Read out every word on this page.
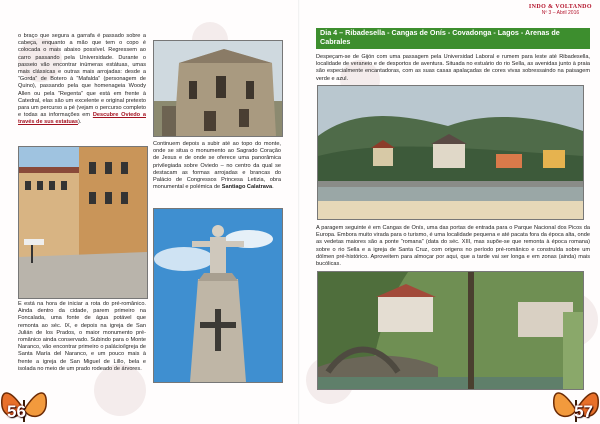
o braço que segura a garrafa é passado sobre a cabeça, enquanto a mão que tem o copo é colocada o mais abaixo possível. Regressem ao carro passando pela Universidade. Durante o passeio vão encontrar inúmeras estátuas, umas mais clássicas e outras mais arrojadas: desde a “Gorda” de Botero à “Mafalda” (personagem de Quino), passando pela que homenageia Woody Allen ou pela “Regenta” que está em frente à Catedral, elas são um excelente e original pretexto para um percurso a pé (vejam o percurso completo e todas as informações em Descubre Oviedo a través de sus estatuas).

E está na hora de iniciar a rota do pré-românico. Ainda dentro da cidade, parem primeiro na Foncalada, uma fonte de água potável que remonta ao séc. IX, e depois na igreja de San Julián de los Prados, o maior monumento pré-românico ainda conservado. Subindo para o Monte Naranco, vão encontrar primeiro o palácio/igreja de Santa María del Naranco, e um pouco mais à frente a igreja de San Miguel de Lillo, bela e isolada no meio de um prado rodeado de árvores.

Continuem depois a subir até ao topo do monte, onde se situa o monumento ao Sagrado Coração de Jesus e de onde se oferece uma panorâmica privilegiada sobre Oviedo – no centro da qual se destacam as formas arrojadas e brancas do Palácio de Congressos Princesa Letizia, obra monumental e polémica de Santiago Calatrava.

56
INDO & VOLTANDO
Nº 3 – Abril 2016
Dia 4 – Ribadesella - Cangas de Onís - Covadonga - Lagos - Arenas de Cabrales

Despeçam-se de Gijón com uma passagem pela Universidad Laboral e rumem para leste até Ribadesella, localidade de veraneio e de desportos de aventura. Situada no estuário do rio Sella, as avenidas junto à praia são especialmente encantadoras, com as suas casas apalaçadas de cores vivas sobressaindo na paisagem verde e azul.

A paragem seguinte é em Cangas de Onís, uma das portas de entrada para o Parque Nacional dos Picos da Europa. Embora muito virada para o turismo, é uma localidade pequena e até pacata fora da época alta, onde as vedetas maiores são a ponte “romana” (data do séc. XIII, mas supõe-se que remonta à época romana) sobre o rio Sella e a igreja de Santa Cruz, com origens no período pré-românico e construída sobre um dólmen pré-histórico. Aproveitem para almoçar por aqui, que a tarde vai ser longa e em zonas (ainda) mais bucólicas.

57
